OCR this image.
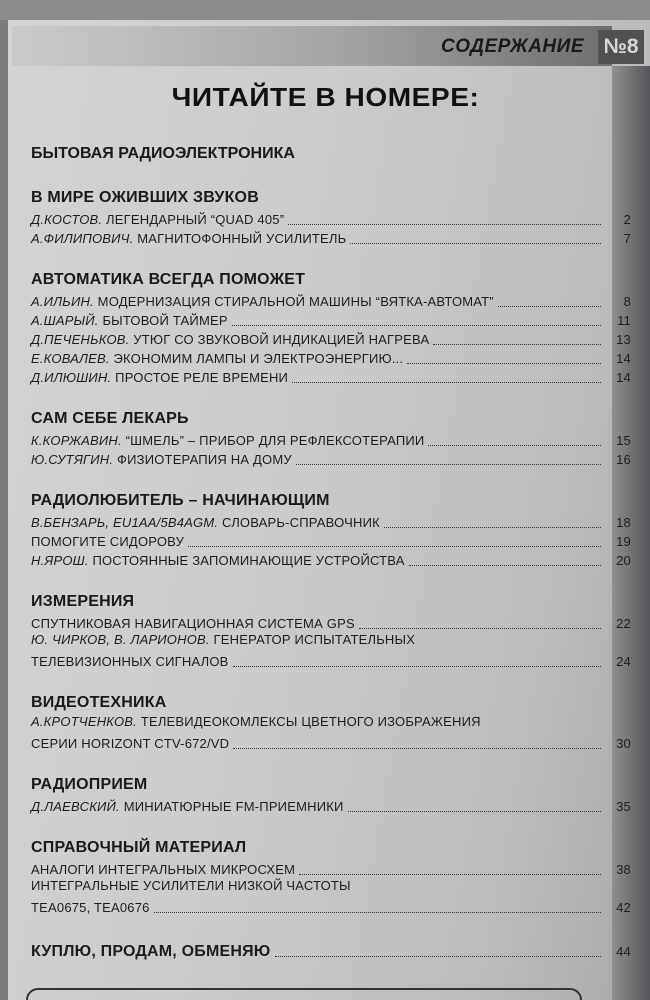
СОДЕРЖАНИЕ №8
ЧИТАЙТЕ В НОМЕРЕ:
БЫТОВАЯ РАДИОЭЛЕКТРОНИКА
В МИРЕ ОЖИВШИХ ЗВУКОВ
Д.КОСТОВ. ЛЕГЕНДАРНЫЙ “QUAD 405”	2
А.ФИЛИПОВИЧ. МАГНИТОФОННЫЙ УСИЛИТЕЛЬ	7
АВТОМАТИКА ВСЕГДА ПОМОЖЕТ
А.ИЛЬИН. МОДЕРНИЗАЦИЯ СТИРАЛЬНОЙ МАШИНЫ “ВЯТКА-АВТОМАТ”	8
А.ШАРЫЙ. БЫТОВОЙ ТАЙМЕР	11
Д.ПЕЧЕНЬКОВ. УТЮГ СО ЗВУКОВОЙ ИНДИКАЦИЕЙ НАГРЕВА	13
Е.КОВАЛЕВ. ЭКОНОМИМ ЛАМПЫ И ЭЛЕКТРОЭНЕРГИЮ...	14
Д.ИЛЮШИН. ПРОСТОЕ РЕЛЕ ВРЕМЕНИ	14
САМ СЕБЕ ЛЕКАРЬ
К.КОРЖАВИН. “ШМЕЛЬ” – ПРИБОР ДЛЯ РЕФЛЕКСОТЕРАПИИ	15
Ю.СУТЯГИН. ФИЗИОТЕРАПИЯ НА ДОМУ	16
РАДИОЛЮБИТЕЛЬ – НАЧИНАЮЩИМ
В.БЕНЗАРЬ, EU1AA/5B4AGM. СЛОВАРЬ-СПРАВОЧНИК	18
ПОМОГИТЕ СИДОРОВУ	19
Н.ЯРОШ. ПОСТОЯННЫЕ ЗАПОМИНАЮЩИЕ УСТРОЙСТВА	20
ИЗМЕРЕНИЯ
СПУТНИКОВАЯ НАВИГАЦИОННАЯ СИСТЕМА GPS	22
Ю. ЧИРКОВ, В. ЛАРИОНОВ. ГЕНЕРАТОР ИСПЫТАТЕЛЬНЫХ
ТЕЛЕВИЗИОННЫХ СИГНАЛОВ	24
ВИДЕОТЕХНИКА
А.КРОТЧЕНКОВ. ТЕЛЕВИДЕОКОМЛЕКСЫ ЦВЕТНОГО ИЗОБРАЖЕНИЯ
СЕРИИ HORIZONT CTV-672/VD	30
РАДИОПРИЕМ
Д.ЛАЕВСКИЙ. МИНИАТЮРНЫЕ FM-ПРИЕМНИКИ	35
СПРАВОЧНЫЙ МАТЕРИАЛ
АНАЛОГИ ИНТЕГРАЛЬНЫХ МИКРОСХЕМ	38
ИНТЕГРАЛЬНЫЕ УСИЛИТЕЛИ НИЗКОЙ ЧАСТОТЫ
TEA0675, TEA0676	42
КУПЛЮ, ПРОДАМ, ОБМЕНЯЮ	44
